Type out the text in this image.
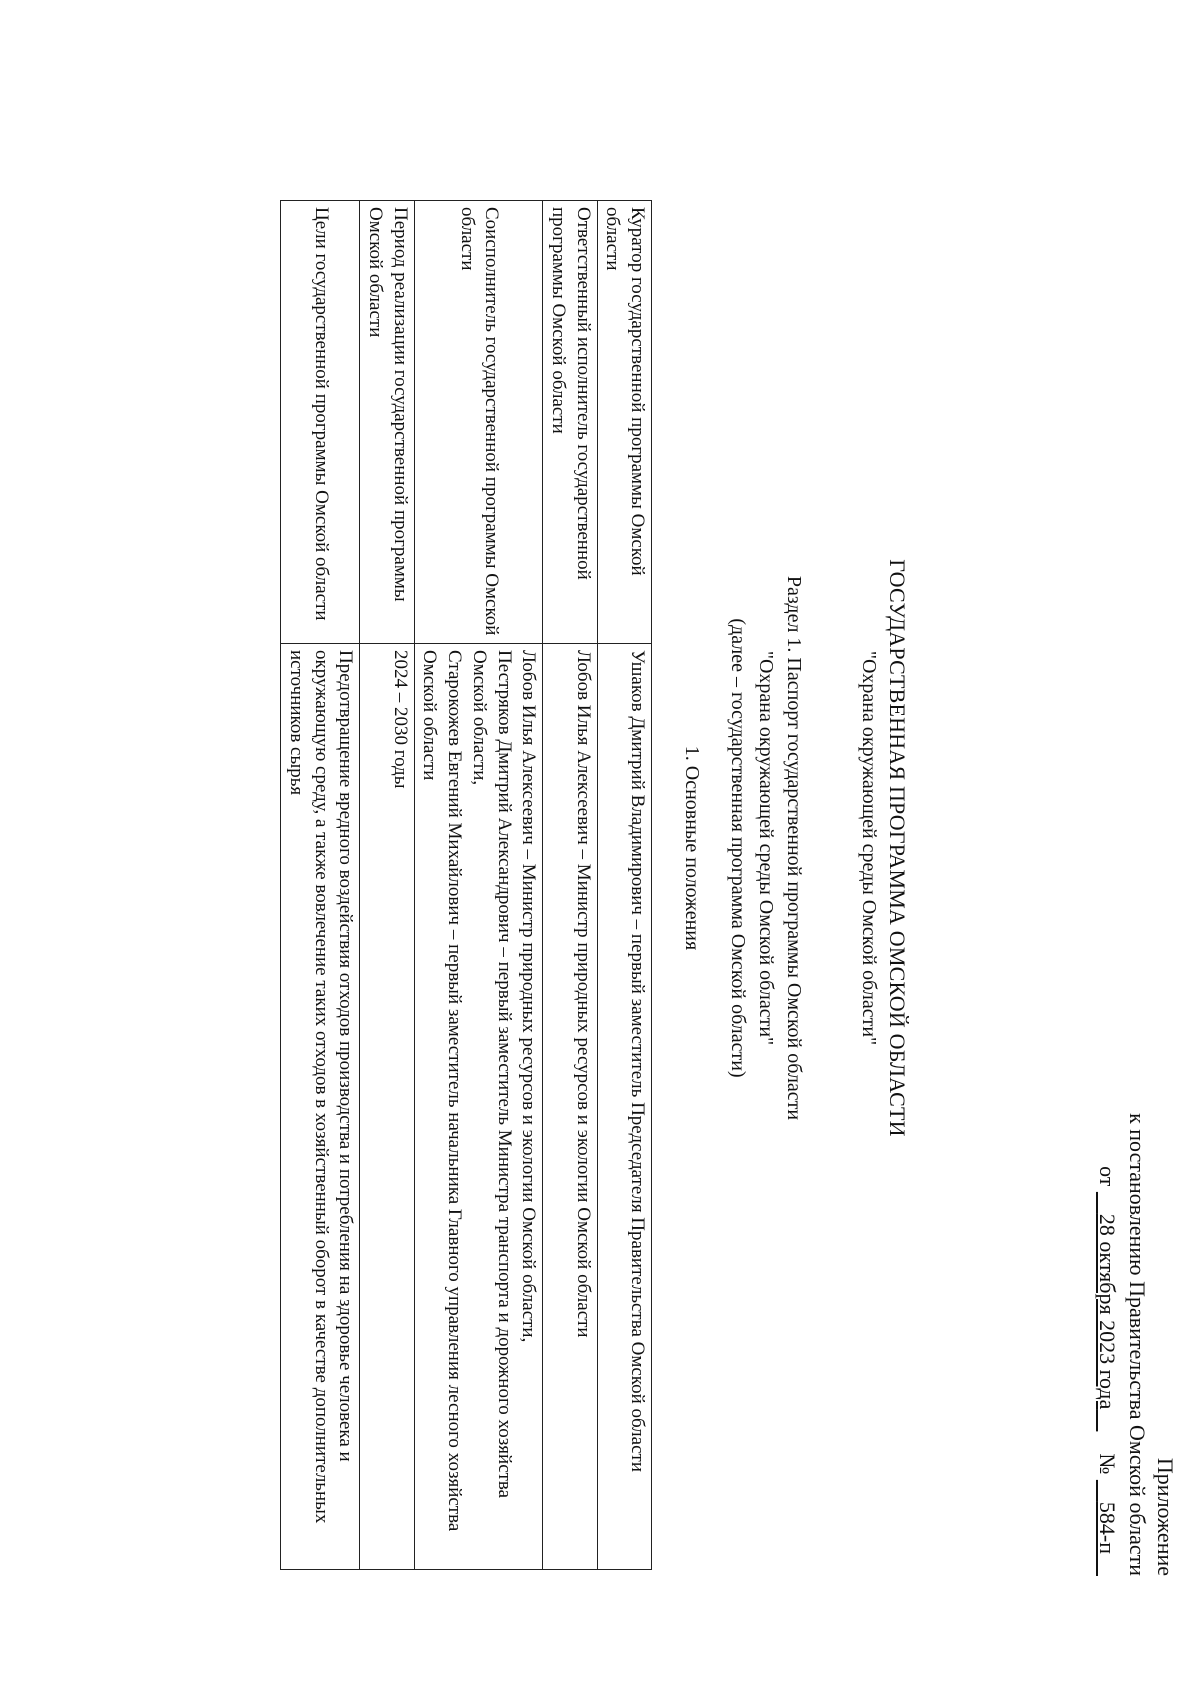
Приложение
к постановлению Правительства Омской области
от     28 октября 2023 года        №     584-п
ГОСУДАРСТВЕННАЯ ПРОГРАММА ОМСКОЙ ОБЛАСТИ
"Охрана окружающей среды Омской области"
Раздел 1. Паспорт государственной программы Омской области
"Охрана окружающей среды Омской области"
(далее – государственная программа Омской области)
1. Основные положения
Куратор государственной программы Омской области	Ушаков Дмитрий Владимирович – первый заместитель Председателя Правительства Омской области
Ответственный исполнитель государственной программы Омской области	Лобов Илья Алексеевич – Министр природных ресурсов и экологии Омской области
Соисполнитель государственной программы Омской области	Лобов Илья Алексеевич – Министр природных ресурсов и экологии Омской области,
Пестряков Дмитрий Александрович – первый заместитель Министра транспорта и дорожного хозяйства Омской области,
Старокожев Евгений Михайлович – первый заместитель начальника Главного управления лесного хозяйства Омской области

Период реализации государственной программы Омской области	2024 – 2030 годы
Цели государственной программы Омской области	Предотвращение вредного воздействия отходов производства и потребления на здоровье человека и окружающую среду, а также вовлечение таких отходов в хозяйственный оборот в качестве дополнительных источников сырья
